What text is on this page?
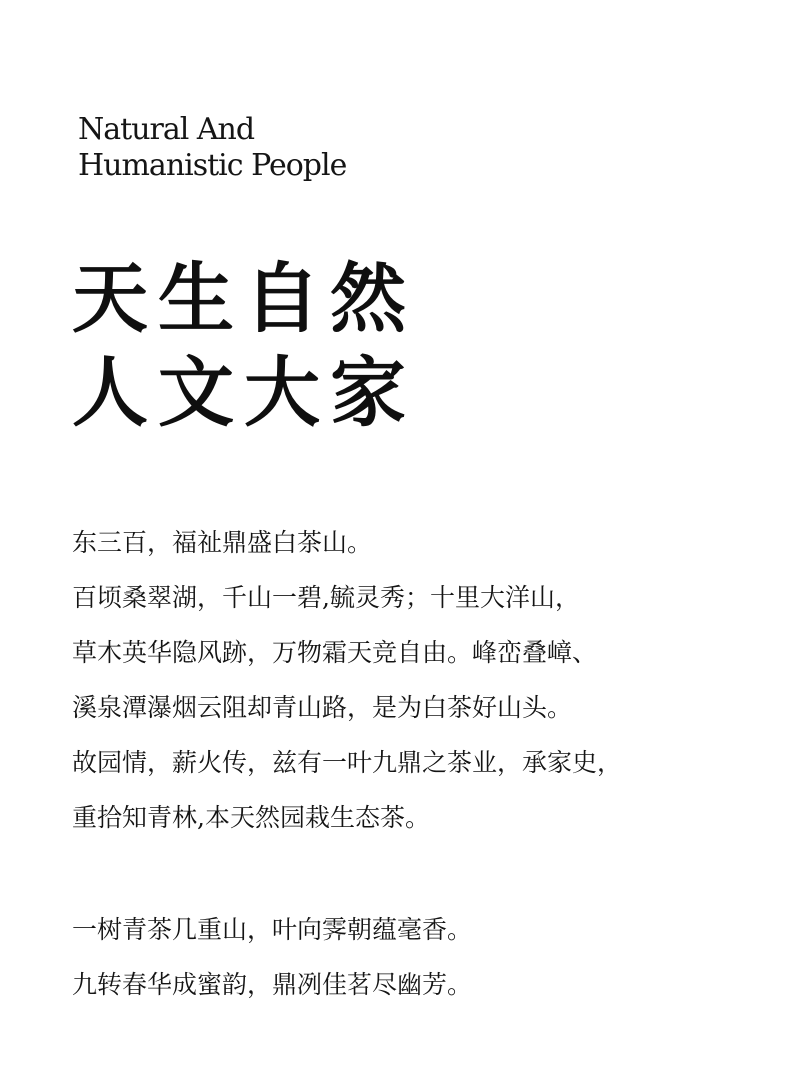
Natural And
Humanistic People
天生自然
人文大家
东三百，福祉鼎盛白茶山。
百顷桑翠湖，千山一碧,毓灵秀；十里大洋山，
草木英华隐风跡，万物霜天竞自由。峰峦叠嶂、
溪泉潭瀑烟云阻却青山路，是为白茶好山头。
故园情，薪火传，兹有一叶九鼎之茶业，承家史，
重拾知青林,本天然园栽生态茶。
一树青茶几重山，叶向霁朝蕴毫香。
九转春华成蜜韵，鼎冽佳茗尽幽芳。
